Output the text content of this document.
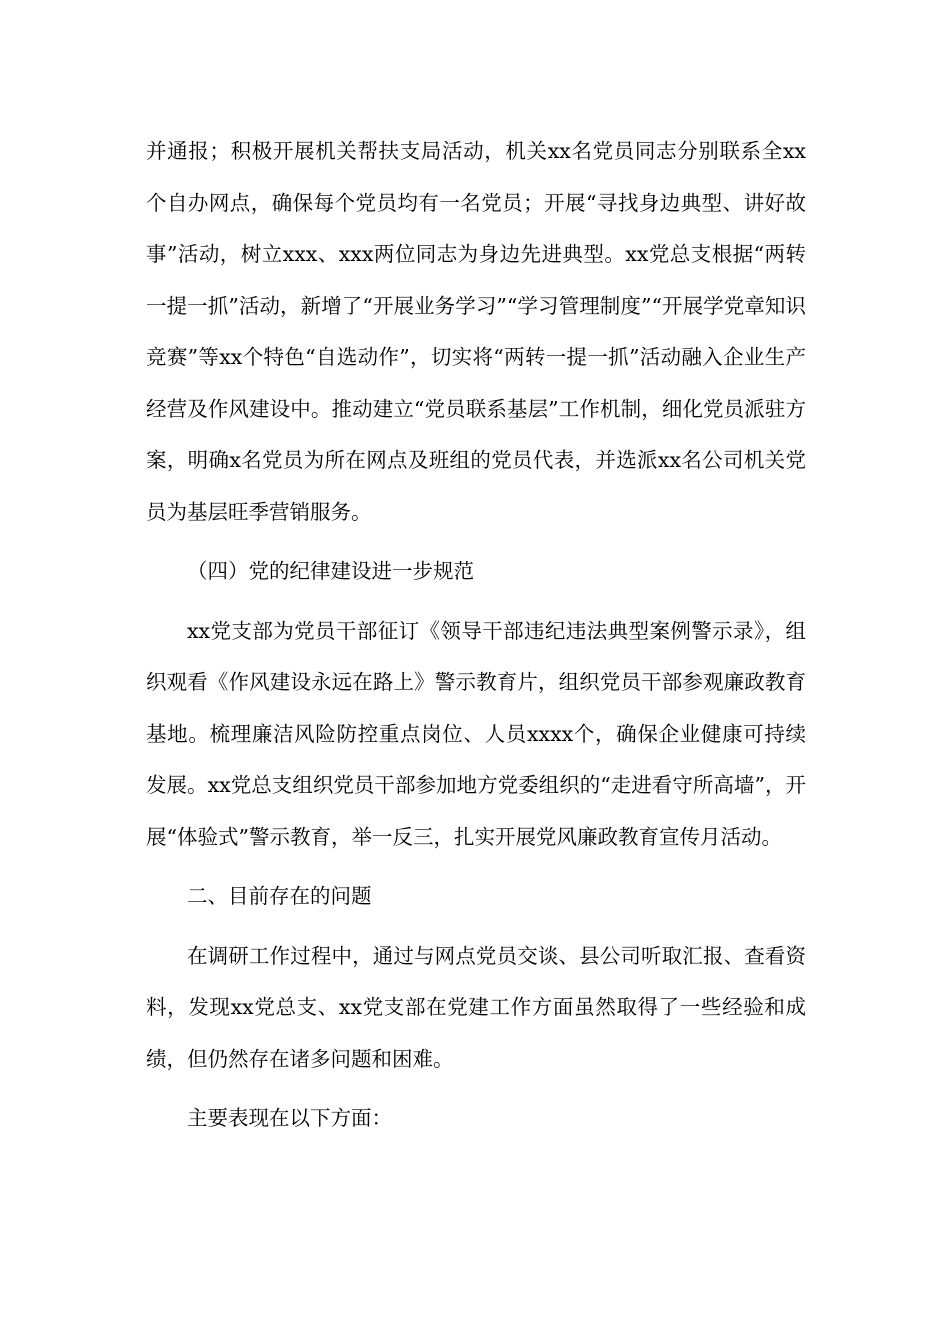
并通报；积极开展机关帮扶支局活动，机关xx名党员同志分别联系全xx个自办网点，确保每个党员均有一名党员；开展“寻找身边典型、讲好故事”活动，树立xxx、xxx两位同志为身边先进典型。xx党总支根据“两转一提一抓”活动，新增了“开展业务学习”“学习管理制度”“开展学党章知识竞赛”等xx个特色“自选动作”，切实将“两转一提一抓”活动融入企业生产经营及作风建设中。推动建立“党员联系基层”工作机制，细化党员派驻方案，明确x名党员为所在网点及班组的党员代表，并选派xx名公司机关党员为基层旺季营销服务。

（四）党的纪律建设进一步规范

xx党支部为党员干部征订《领导干部违纪违法典型案例警示录》，组织观看《作风建设永远在路上》警示教育片，组织党员干部参观廉政教育基地。梳理廉洁风险防控重点岗位、人员xxxx个，确保企业健康可持续发展。xx党总支组织党员干部参加地方党委组织的“走进看守所高墙”，开展“体验式”警示教育，举一反三，扎实开展党风廉政教育宣传月活动。

二、目前存在的问题

在调研工作过程中，通过与网点党员交谈、县公司听取汇报、查看资料，发现xx党总支、xx党支部在党建工作方面虽然取得了一些经验和成绩，但仍然存在诸多问题和困难。

主要表现在以下方面：
